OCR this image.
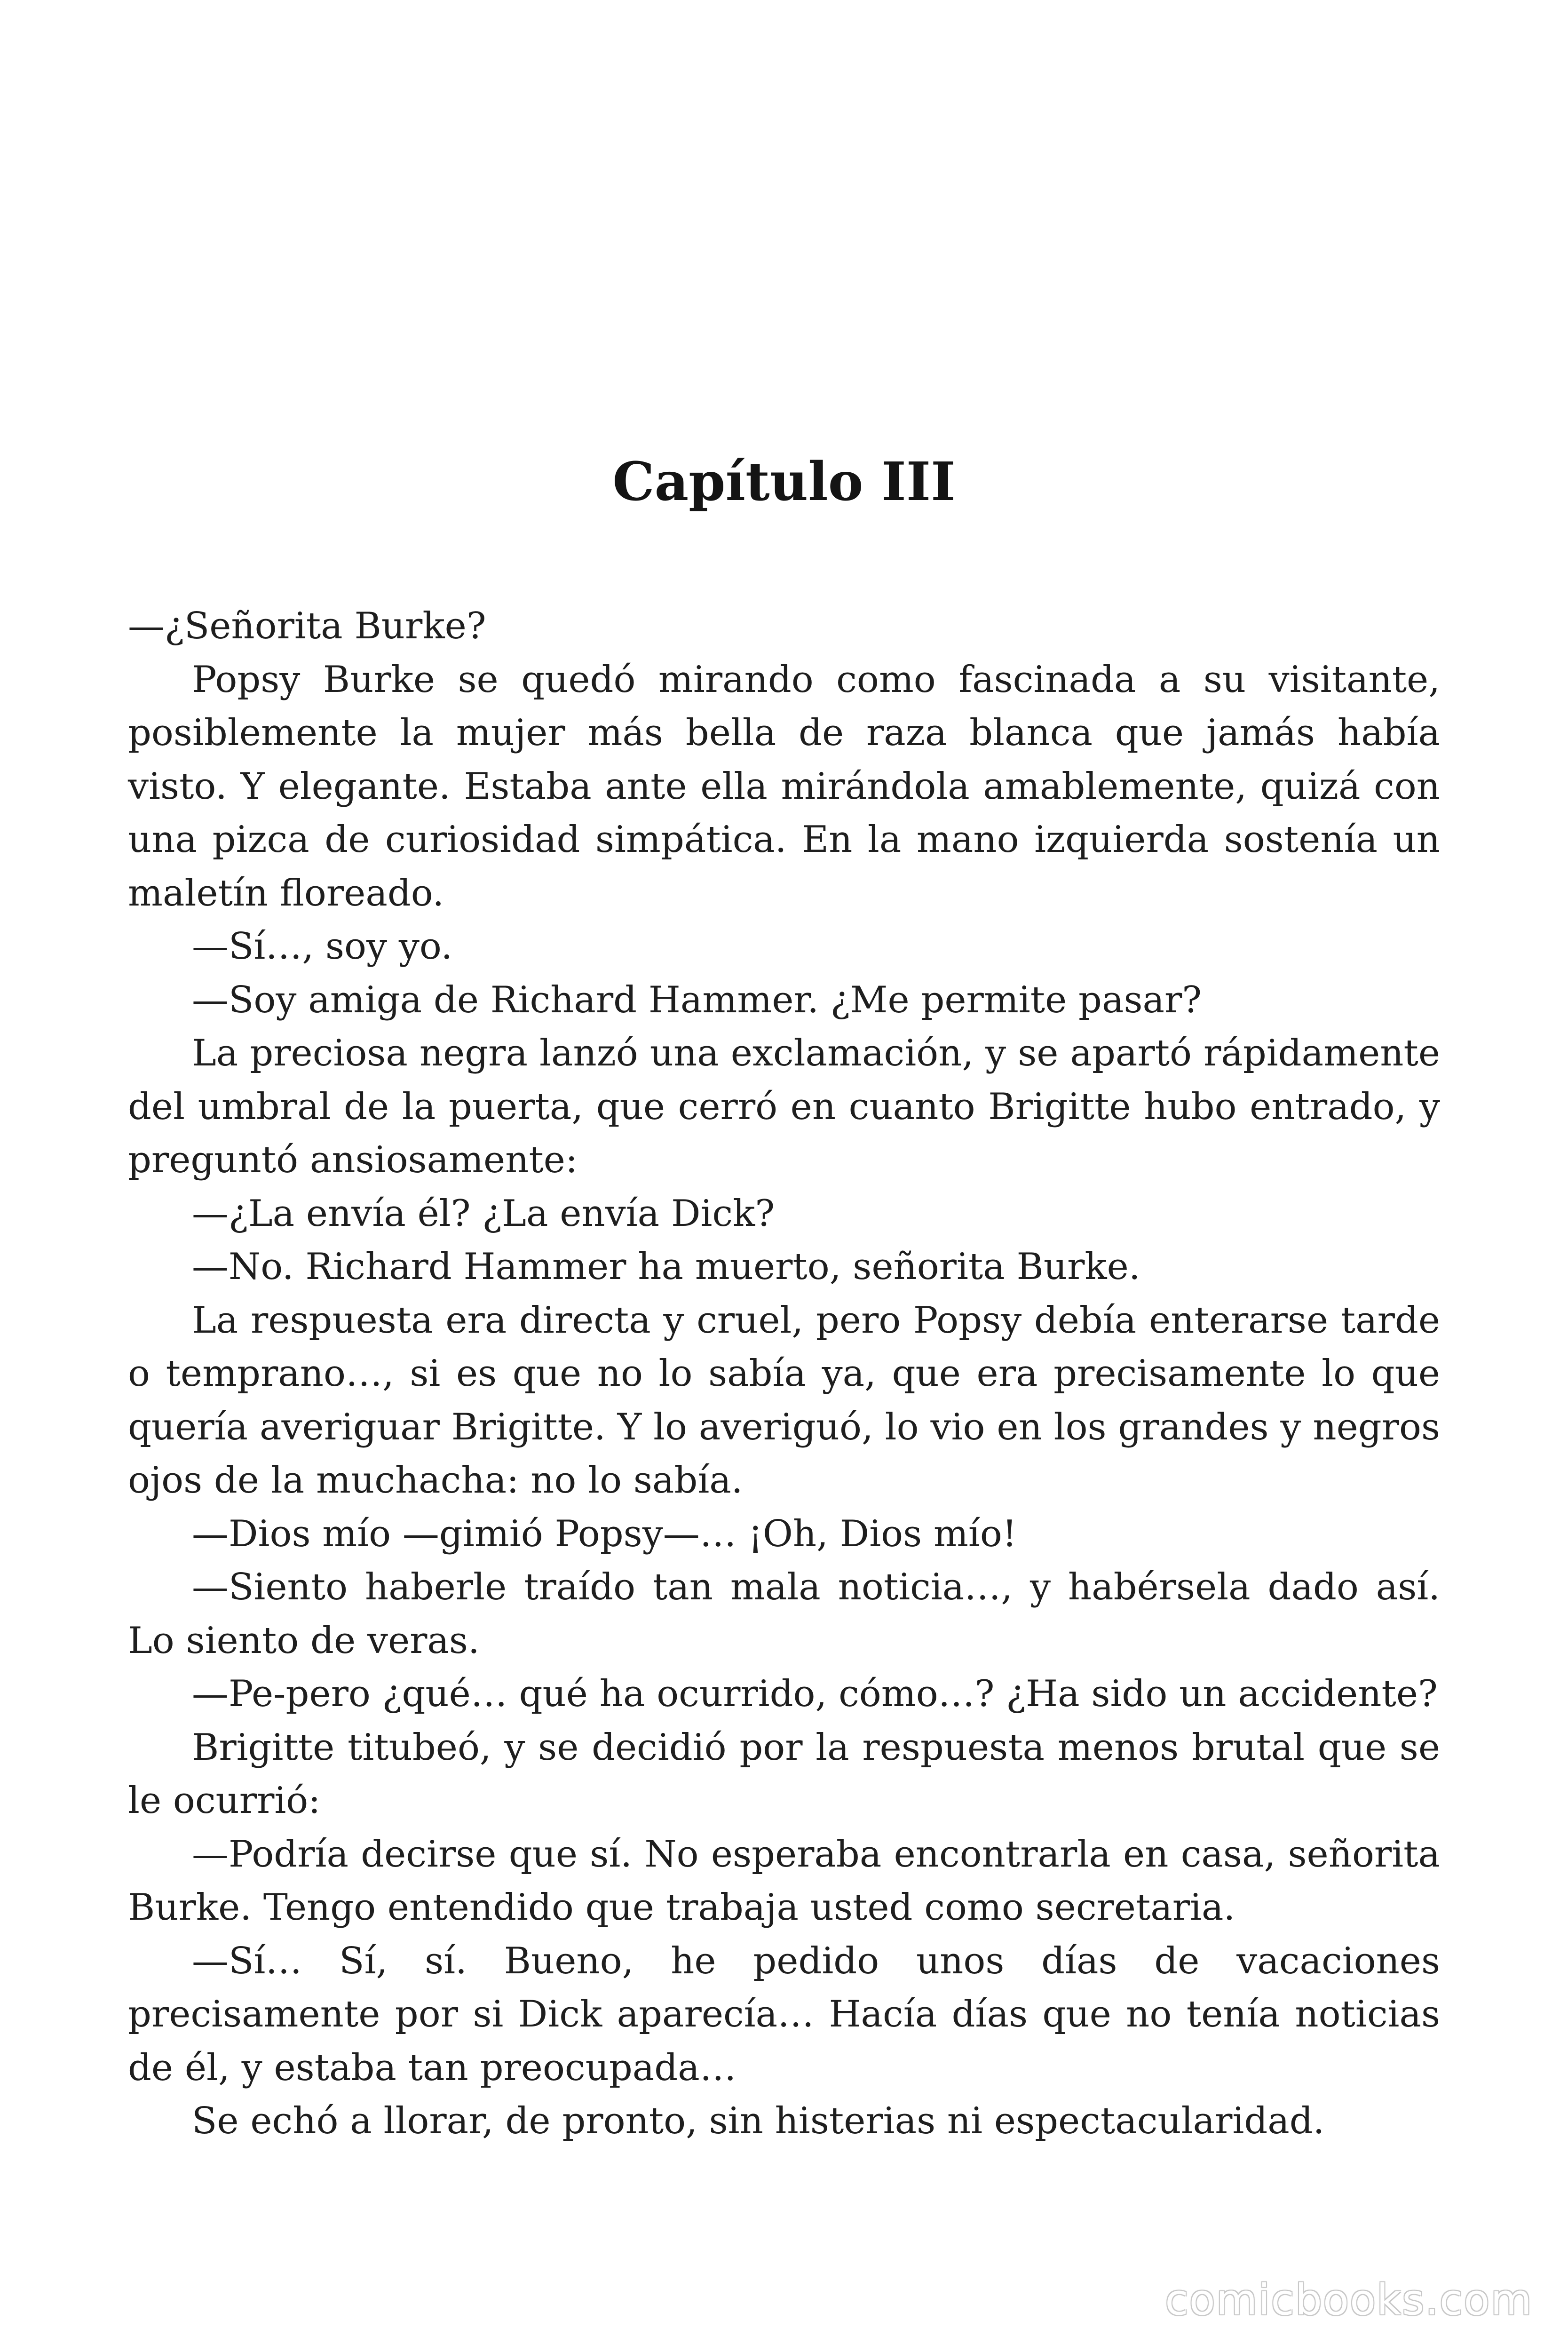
Capítulo III

—¿Señorita Burke?

Popsy Burke se quedó mirando como fascinada a su visitante, posiblemente la mujer más bella de raza blanca que jamás había visto. Y elegante. Estaba ante ella mirándola amablemente, quizá con una pizca de curiosidad simpática. En la mano izquierda sostenía un maletín floreado.

—Sí…, soy yo.

—Soy amiga de Richard Hammer. ¿Me permite pasar?

La preciosa negra lanzó una exclamación, y se apartó rápidamente del umbral de la puerta, que cerró en cuanto Brigitte hubo entrado, y preguntó ansiosamente:

—¿La envía él? ¿La envía Dick?

—No. Richard Hammer ha muerto, señorita Burke.

La respuesta era directa y cruel, pero Popsy debía enterarse tarde o temprano…, si es que no lo sabía ya, que era precisamente lo que quería averiguar Brigitte. Y lo averiguó, lo vio en los grandes y negros ojos de la muchacha: no lo sabía.

—Dios mío —gimió Popsy—… ¡Oh, Dios mío!

—Siento haberle traído tan mala noticia…, y habérsela dado así. Lo siento de veras.

—Pe-pero ¿qué… qué ha ocurrido, cómo…? ¿Ha sido un accidente?

Brigitte titubeó, y se decidió por la respuesta menos brutal que se le ocurrió:

—Podría decirse que sí. No esperaba encontrarla en casa, señorita Burke. Tengo entendido que trabaja usted como secretaria.

—Sí… Sí, sí. Bueno, he pedido unos días de vacaciones precisamente por si Dick aparecía… Hacía días que no tenía noticias de él, y estaba tan preocupada…

Se echó a llorar, de pronto, sin histerias ni espectacularidad.

comicbooks.com
